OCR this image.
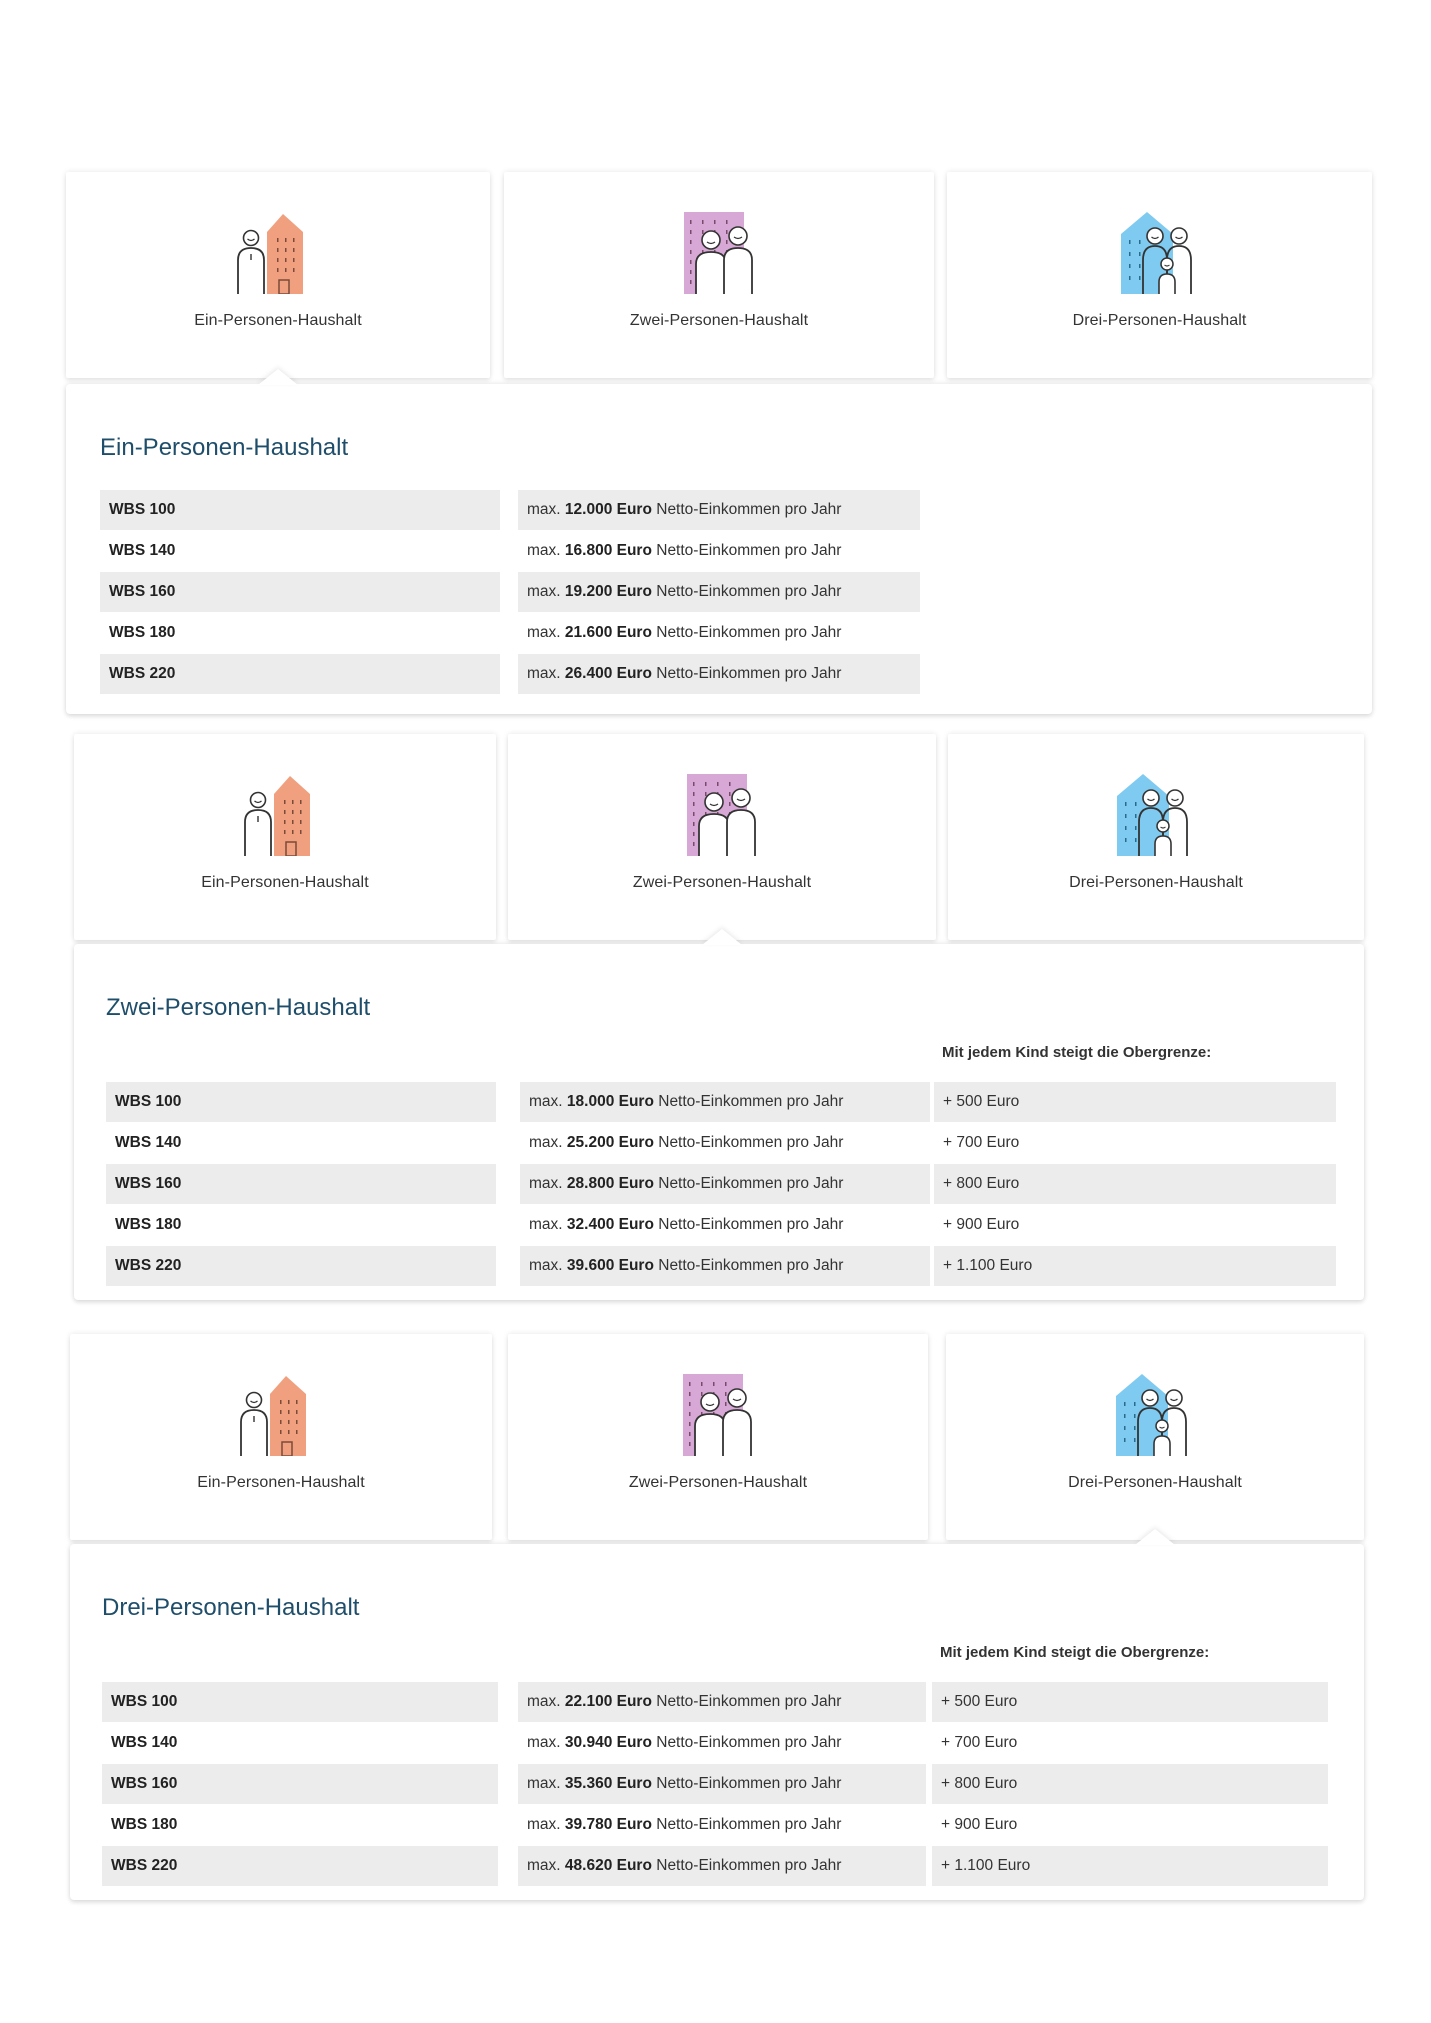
Ein-Personen-Haushalt	Zwei-Personen-Haushalt	Drei-Personen-Haushalt
Ein-Personen-Haushalt
WBS 100	max. 12.000 Euro Netto-Einkommen pro Jahr
WBS 140	max. 16.800 Euro Netto-Einkommen pro Jahr
WBS 160	max. 19.200 Euro Netto-Einkommen pro Jahr
WBS 180	max. 21.600 Euro Netto-Einkommen pro Jahr
WBS 220	max. 26.400 Euro Netto-Einkommen pro Jahr
Ein-Personen-Haushalt	Zwei-Personen-Haushalt	Drei-Personen-Haushalt
Zwei-Personen-Haushalt
Mit jedem Kind steigt die Obergrenze:
WBS 100	max. 18.000 Euro Netto-Einkommen pro Jahr	+ 500 Euro
WBS 140	max. 25.200 Euro Netto-Einkommen pro Jahr	+ 700 Euro
WBS 160	max. 28.800 Euro Netto-Einkommen pro Jahr	+ 800 Euro
WBS 180	max. 32.400 Euro Netto-Einkommen pro Jahr	+ 900 Euro
WBS 220	max. 39.600 Euro Netto-Einkommen pro Jahr	+ 1.100 Euro
Ein-Personen-Haushalt	Zwei-Personen-Haushalt	Drei-Personen-Haushalt
Drei-Personen-Haushalt
Mit jedem Kind steigt die Obergrenze:
WBS 100	max. 22.100 Euro Netto-Einkommen pro Jahr	+ 500 Euro
WBS 140	max. 30.940 Euro Netto-Einkommen pro Jahr	+ 700 Euro
WBS 160	max. 35.360 Euro Netto-Einkommen pro Jahr	+ 800 Euro
WBS 180	max. 39.780 Euro Netto-Einkommen pro Jahr	+ 900 Euro
WBS 220	max. 48.620 Euro Netto-Einkommen pro Jahr	+ 1.100 Euro
